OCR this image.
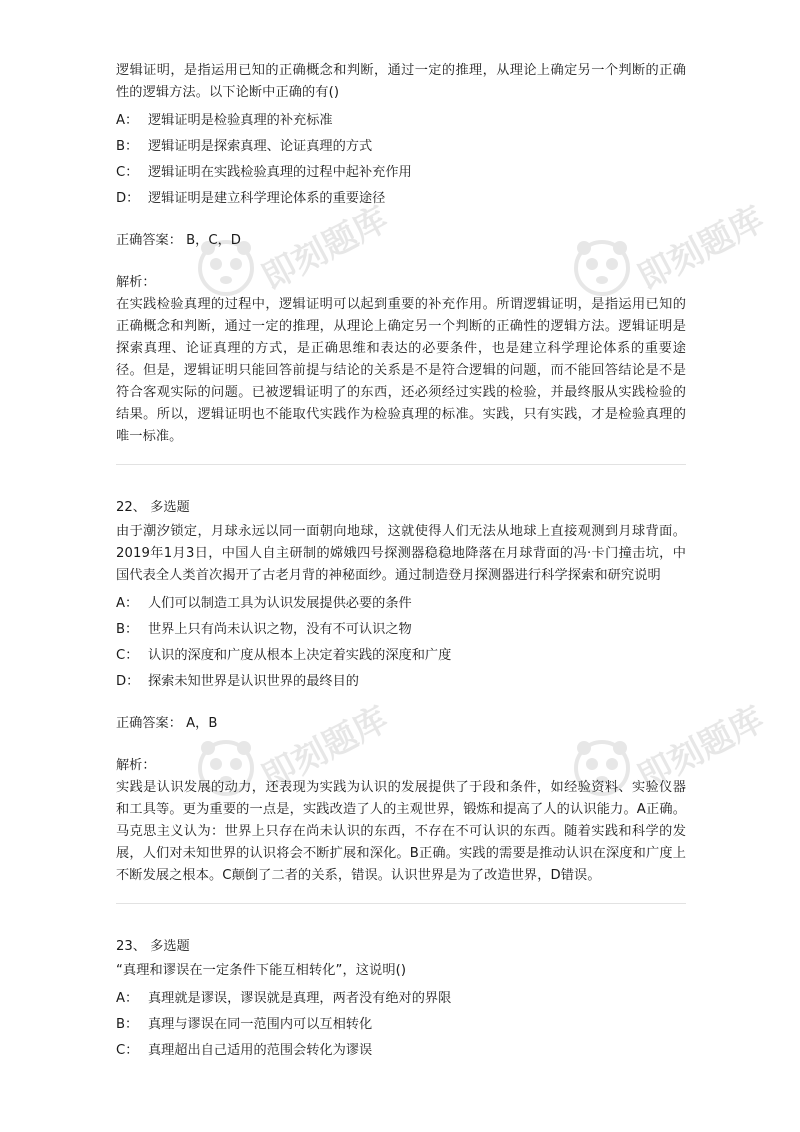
即刻题库	即刻题库
即刻题库	即刻题库

逻辑证明，是指运用已知的正确概念和判断，通过一定的推理，从理论上确定另一个判断的正确性的逻辑方法。以下论断中正确的有()

A： 逻辑证明是检验真理的补充标准
B： 逻辑证明是探索真理、论证真理的方式
C： 逻辑证明在实践检验真理的过程中起补充作用
D： 逻辑证明是建立科学理论体系的重要途径
正确答案： B，C，D
解析：

在实践检验真理的过程中，逻辑证明可以起到重要的补充作用。所谓逻辑证明，是指运用已知的正确概念和判断，通过一定的推理，从理论上确定另一个判断的正确性的逻辑方法。逻辑证明是探索真理、论证真理的方式，是正确思维和表达的必要条件，也是建立科学理论体系的重要途径。但是，逻辑证明只能回答前提与结论的关系是不是符合逻辑的问题，而不能回答结论是不是符合客观实际的问题。已被逻辑证明了的东西，还必须经过实践的检验，并最终服从实践检验的结果。所以，逻辑证明也不能取代实践作为检验真理的标准。实践，只有实践，才是检验真理的唯一标准。

22、 多选题

由于潮汐锁定，月球永远以同一面朝向地球，这就使得人们无法从地球上直接观测到月球背面。2019年1月3日，中国人自主研制的嫦娥四号探测器稳稳地降落在月球背面的冯·卡门撞击坑，中国代表全人类首次揭开了古老月背的神秘面纱。通过制造登月探测器进行科学探索和研究说明

A： 人们可以制造工具为认识发展提供必要的条件
B： 世界上只有尚未认识之物，没有不可认识之物
C： 认识的深度和广度从根本上决定着实践的深度和广度
D： 探索未知世界是认识世界的最终目的
正确答案： A，B
解析：

实践是认识发展的动力，还表现为实践为认识的发展提供了于段和条件，如经验资料、实验仪器和工具等。更为重要的一点是，实践改造了人的主观世界，锻炼和提高了人的认识能力。A正确。马克思主义认为：世界上只存在尚未认识的东西，不存在不可认识的东西。随着实践和科学的发展，人们对未知世界的认识将会不断扩展和深化。B正确。实践的需要是推动认识在深度和广度上不断发展之根本。C颠倒了二者的关系，错误。认识世界是为了改造世界，D错误。

23、 多选题

“真理和谬误在一定条件下能互相转化”，这说明()

A： 真理就是谬误，谬误就是真理，两者没有绝对的界限
B： 真理与谬误在同一范围内可以互相转化
C： 真理超出自己适用的范围会转化为谬误
